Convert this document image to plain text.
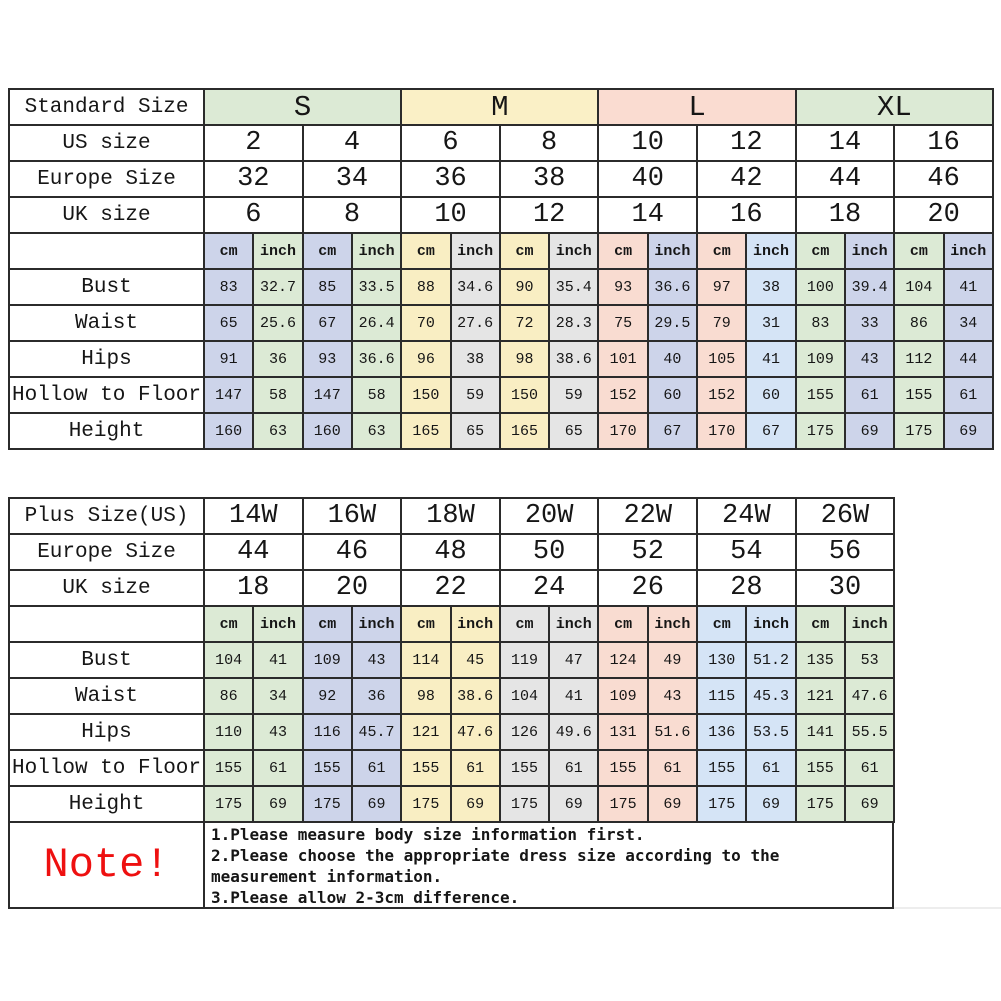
Standard Size	S				M				L				XL			
US size	2		4		6		8		10		12		14		16	
Europe Size	32		34		36		38		40		42		44		46	
UK size	6		8		10		12		14		16		18		20	
	cm	inch	cm	inch	cm	inch	cm	inch	cm	inch	cm	inch	cm	inch	cm	inch
Bust	83	32.7	85	33.5	88	34.6	90	35.4	93	36.6	97	38	100	39.4	104	41
Waist	65	25.6	67	26.4	70	27.6	72	28.3	75	29.5	79	31	83	33	86	34
Hips	91	36	93	36.6	96	38	98	38.6	101	40	105	41	109	43	112	44
Hollow to Floor	147	58	147	58	150	59	150	59	152	60	152	60	155	61	155	61
Height	160	63	160	63	165	65	165	65	170	67	170	67	175	69	175	69
Plus Size(US)	14W		16W		18W		20W		22W		24W		26W	
Europe Size	44		46		48		50		52		54		56	
UK size	18		20		22		24		26		28		30	
	cm	inch	cm	inch	cm	inch	cm	inch	cm	inch	cm	inch	cm	inch
Bust	104	41	109	43	114	45	119	47	124	49	130	51.2	135	53
Waist	86	34	92	36	98	38.6	104	41	109	43	115	45.3	121	47.6
Hips	110	43	116	45.7	121	47.6	126	49.6	131	51.6	136	53.5	141	55.5
Hollow to Floor	155	61	155	61	155	61	155	61	155	61	155	61	155	61
Height	175	69	175	69	175	69	175	69	175	69	175	69	175	69
Note!
1.Please measure body size information first.
2.Please choose the appropriate dress size according to the
measurement information.
3.Please allow 2-3cm difference.
